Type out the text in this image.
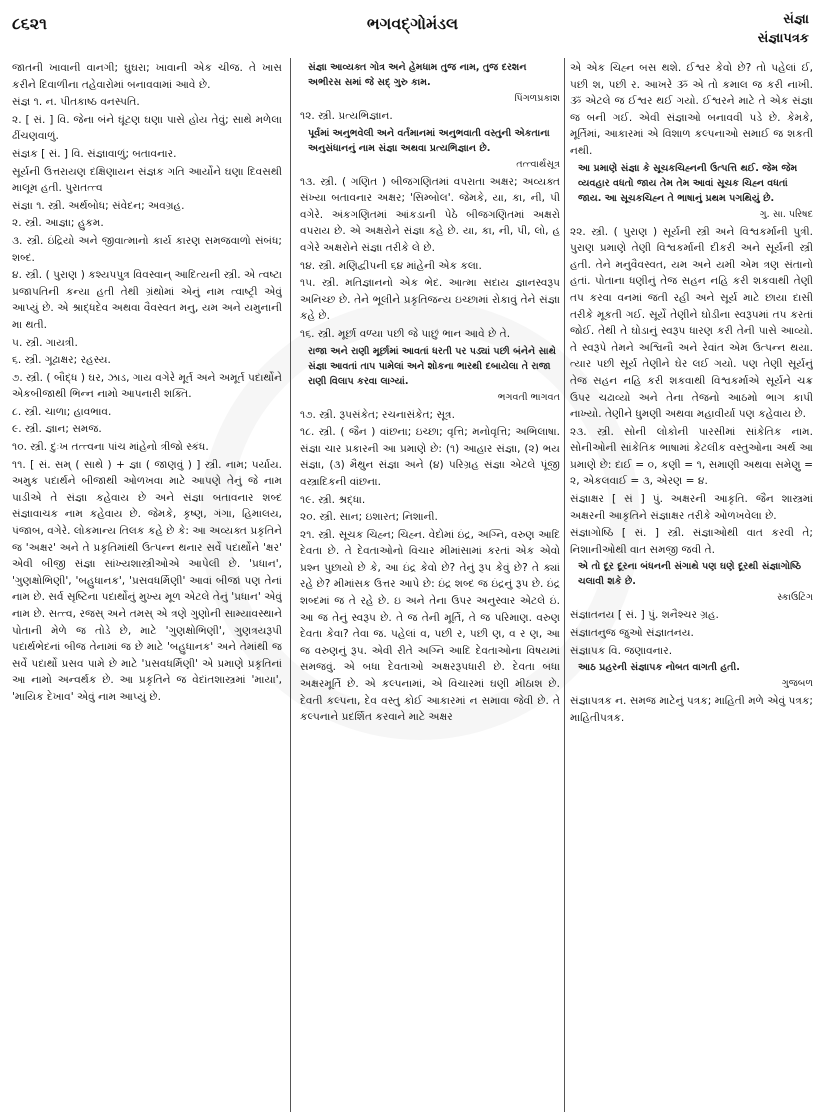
ભગવદ્ગોમંડલ
૮૬૨૧	સંજ્ઞા
સંજ્ઞાપત્રક

જાતની ખાવાની વાનગી; ઘુઘરા; ખાવાની એક ચીજ. તે ખાસ કરીને દિવાળીના તહેવારોમાં બનાવવામાં આવે છે.

સંજ્ઞ ૧. ન. પીતકાષ્ઠ વનસ્પતિ.

૨. [ સં. ] વિ. જેના બંને ઘૂંટણ ઘણા પાસે હોય તેવું; સાથે મળેલા ઢીંચણવાળું.

સંજ્ઞક [ સં. ] વિ. સંજ્ઞાવાળું; બતાવનાર.

સૂર્યની ઉત્તરાયણ દક્ષિણાયન સંજ્ઞક ગતિ આર્યોને ઘણા દિવસથી માલૂમ હતી. પુરાતત્ત્વ

સંજ્ઞા ૧. સ્ત્રી. અર્થબોધ; સંવેદન; અવગ્રહ.

૨. સ્ત્રી. આજ્ઞા; હુકમ.

૩. સ્ત્રી. ઇંદ્રિયો અને જીવાત્માનો કાર્ય કારણ સમજવાળો સંબંધ; શબ્દ.

૪. સ્ત્રી. ( પુરાણ ) કશ્યપપુત્ર વિવસ્વાન્ આદિત્યની સ્ત્રી. એ ત્વષ્ટા પ્રજાપતિની કન્યા હતી તેથી ગ્રંથોમાં એનું નામ ત્વાષ્ટ્રી એવું આપ્યું છે. એ શ્રાદ્ધદેવ અથવા વૈવસ્વત મનુ, યમ અને યમુનાની મા થતી.

૫. સ્ત્રી. ગાયત્રી.

૬. સ્ત્રી. ગૂઢાક્ષર; રહસ્ય.

૭. સ્ત્રી. ( બૌદ્ધ ) ઘર, ઝાડ, ગાય વગેરે મૂર્ત અને અમૂર્ત પદાર્થોને એકબીજાથી ભિન્ન નામો આપનારી શક્તિ.

૮. સ્ત્રી. ચાળા; હાવભાવ.

૯. સ્ત્રી. જ્ઞાન; સમજ.

૧૦. સ્ત્રી. દુઃખ તત્ત્વના પાંચ માંહેનો ત્રીજો સ્કંધ.

૧૧. [ સં. સમ્ ( સાથે ) + જ્ઞા ( જાણવું ) ] સ્ત્રી. નામ; પર્યાય. અમુક પદાર્થને બીજાથી ઓળખવા માટે આપણે તેનું જે નામ પાડીએ તે સંજ્ઞા કહેવાય છે અને સંજ્ઞા બતાવનાર શબ્દ સંજ્ઞાવાચક નામ કહેવાય છે. જેમકે, કૃષ્ણ, ગંગા, હિમાલય, પંજાબ, વગેરે. લોકમાન્ય તિલક કહે છે કે: આ અવ્યક્ત પ્રકૃતિને જ 'અક્ષર' અને તે પ્રકૃતિમાંથી ઉત્પન્ન થનાર સર્વે પદાર્થોને 'ક્ષર' એવી બીજી સંજ્ઞા સાંખ્યશાસ્ત્રીઓએ આપેલી છે. 'પ્રધાન', 'ગુણક્ષોભિણી', 'બહુધાનક', 'પ્રસવધર્મિણી' આવાં બીજાં પણ તેનાં નામ છે. સર્વ સૃષ્ટિના પદાર્થોનું મુખ્ય મૂળ એટલે તેનું 'પ્રધાન' એવું નામ છે. સત્ત્વ, રજસ્ અને તમસ્ એ ત્રણે ગુણોની સામ્યાવસ્થાને પોતાની મેળે જ તોડે છે, માટે 'ગુણક્ષોભિણી', ગુણત્રયરૂપી પદાર્થભેદનાં બીજ તેનામાં જ છે માટે 'બહુધાનક' અને તેમાંથી જ સર્વે પદાર્થો પ્રસવ પામે છે માટે 'પ્રસવધર્મિણી' એ પ્રમાણે પ્રકૃતિનાં આ નામો અન્વર્થક છે. આ પ્રકૃતિને જ વેદાંતશાસ્ત્રમાં 'માયા', 'માયિક દેખાવ' એવું નામ આપ્યું છે.

સંજ્ઞા આવ્યક્ત ગોત્ર અને હેમધામ તુજ નામ, તુજ દરશન અભીરસ સમાં જે સદ્ ગુરુ કામ.

પિંગળપ્રકાશ

૧૨. સ્ત્રી. પ્રત્યભિજ્ઞાન.

પૂર્વમાં અનુભવેલી અને વર્તમાનમાં અનુભવાતી વસ્તુની એકતાના અનુસંધાનનું નામ સંજ્ઞા અથવા પ્રત્યભિજ્ઞાન છે.

તત્ત્વાર્થસૂત્ર

૧૩. સ્ત્રી. ( ગણિત ) બીજગણિતમાં વપરાતા અક્ષર; અવ્યક્ત સંખ્યા બતાવનાર અક્ષર; 'સિમ્બોલ'. જેમકે, યા, કા, ની, પી વગેરે. અંકગણિતમાં આંકડાની પેઠે બીજગણિતમાં અક્ષરો વપરાય છે. એ અક્ષરોને સંજ્ઞા કહે છે. યા, કા, ની, પી, લો, હ વગેરે અક્ષરોને સંજ્ઞા તરીકે લે છે.

૧૪. સ્ત્રી. મણિદ્વીપની ૬૪ માંહેની એક કલા.

૧૫. સ્ત્રી. મતિજ્ઞાનનો એક ભેદ. આત્મા સદાય જ્ઞાનસ્વરૂપ અનિચ્છ છે. તેને ભૂલીને પ્રકૃતિજન્ય ઇચ્છામાં રોકાવું તેને સંજ્ઞા કહે છે.

૧૬. સ્ત્રી. મૂર્છા વળ્યા પછી જે પાછું ભાન આવે છે તે.

રાજા અને રાણી મૂર્છામાં આવતાં ધરતી પર પડ્યાં પછી બંનેને સાથે સંજ્ઞા આવતાં તાપ પામેલાં અને શોકના ભારથી દબાયેલા તે રાજા રાણી વિલાપ કરવા લાગ્યાં.

ભગવતી ભાગવત

૧૭. સ્ત્રી. રૂપસંકેત; રચનાસંકેત; સૂત્ર.

૧૮. સ્ત્રી. ( જૈન ) વાંછના; ઇચ્છા; વૃત્તિ; મનોવૃત્તિ; અભિલાષા. સંજ્ઞા ચાર પ્રકારની આ પ્રમાણે છે: (૧) આહાર સંજ્ઞા, (૨) ભય સંજ્ઞા, (૩) મૈથુન સંજ્ઞા અને (૪) પરિગ્રહ સંજ્ઞા એટલે પૂંજી વસ્ત્રાદિકની વાંછના.

૧૯. સ્ત્રી. શ્રદ્ધા.

૨૦. સ્ત્રી. સાન; ઇશારત; નિશાની.

૨૧. સ્ત્રી. સૂચક ચિહ્ન; ચિહ્ન. વેદોમાં ઇંદ્ર, અગ્નિ, વરુણ આદિ દેવતા છે. તે દેવતાઓનો વિચાર મીમાંસામાં કરતાં એક એવો પ્રશ્ન પુછાયો છે કે, આ ઇંદ્ર કેવો છે? તેનું રૂપ કેવું છે? તે ક્યાં રહે છે? મીમાંસક ઉત્તર આપે છે: ઇંદ્ર શબ્દ જ ઇંદ્રનું રૂપ છે. ઇંદ્ર શબ્દમાં જ તે રહે છે. ઇ અને તેના ઉપર અનુસ્વાર એટલે ઇં. આ જ તેનું સ્વરૂપ છે. તે જ તેની મૂર્તિ, તે જ પરિમાણ. વરુણ દેવતા કેવા? તેવા જ. પહેલાં વ, પછી ર, પછી ણ, વ ર ણ, આ જ વરુણનું રૂપ. એવી રીતે અગ્નિ આદિ દેવતાઓના વિષયમાં સમજવું. એ બધા દેવતાઓ અક્ષરરૂપધારી છે. દેવતા બધા અક્ષરમૂર્તિ છે. એ કલ્પનામાં, એ વિચારમાં ઘણી મીઠાશ છે. દેવતી કલ્પના, દેવ વસ્તુ કોઈ આકારમાં ન સમાવા જેવી છે. તે કલ્પનાને પ્રદર્શિત કરવાને માટે અક્ષર

એ એક ચિહ્ન બસ થશે. ઈશ્વર કેવો છે? તો પહેલાં ઈ, પછી શ, પછી ર. આખરે ૐ એ તો કમાલ જ કરી નાખી. ૐ એટલે જ ઈશ્વર થઈ ગયો. ઈશ્વરને માટે તે એક સંજ્ઞા જ બની ગઈ. એવી સંજ્ઞાઓ બનાવવી પડે છે. કેમકે, મૂર્તિમાં, આકારમાં એ વિશાળ કલ્પનાઓ સમાઈ જ શકતી નથી.

આ પ્રમાણે સંજ્ઞા કે સૂચકચિહ્નની ઉત્પત્તિ થઈ. જેમ જેમ વ્યવહાર વધતો જાય તેમ તેમ આવાં સૂચક ચિહ્ન વધતાં જાય. આ સૂચકચિહ્ન તે ભાષાનું પ્રથમ પગથિયું છે.

ગુ. સા. પરિષદ

૨૨. સ્ત્રી. ( પુરાણ ) સૂર્યની સ્ત્રી અને વિશ્વકર્માની પુત્રી. પુરાણ પ્રમાણે તેણી વિશ્વકર્માની દીકરી અને સૂર્યની સ્ત્રી હતી. તેને મનુવૈવસ્વત, યમ અને યમી એમ ત્રણ સંતાનો હતાં. પોતાના ધણીનું તેજ સહન નહિ કરી શકવાથી તેણી તપ કરવા વનમાં જતી રહી અને સૂર્ય માટે છાયા દાસી તરીકે મૂકતી ગઈ. સૂર્યે તેણીને ઘોડીના સ્વરૂપમાં તપ કરતાં જોઈ. તેથી તે ઘોડાનું સ્વરૂપ ધારણ કરી તેની પાસે આવ્યો. તે સ્વરૂપે તેમને અશ્વિનૌ અને રેવાંત એમ ઉત્પન્ન થયા. ત્યાર પછી સૂર્ય તેણીને ઘેર લઈ ગયો. પણ તેણી સૂર્યનું તેજ સહન નહિ કરી શકવાથી વિશ્વકર્માએ સૂર્યને ચક્ર ઉપર ચઢાવ્યો અને તેના તેજનો આઠમો ભાગ કાપી નાખ્યો. તેણીને ધુમણી અથવા મહાવીર્યા પણ કહેવાય છે.

૨૩. સ્ત્રી. સોની લોકોની પારસીમાં સાંકેતિક નામ. સોનીઓની સાંકેતિક ભાષામાં કેટલીક વસ્તુઓના અર્થ આ પ્રમાણે છે: દાઈ = ૦, કણી = ૧, સમાણી અથવા સમેણુ = ૨, એકલવાઈ = ૩, એરણ = ૪.

સંજ્ઞાક્ષર [ સં ] પું. અક્ષરની આકૃતિ. જૈન શાસ્ત્રમાં અક્ષરની આકૃતિને સંજ્ઞાક્ષર તરીકે ઓળખવેલા છે.

સંજ્ઞાગોષ્ઠિ [ સં. ] સ્ત્રી. સંજ્ઞાઓથી વાત કરવી તે; નિશાનીઓથી વાત સમજી જવી તે.

એ તો દૂર દૂરના બંધનની સંગાથે પણ ઘણે દૂરથી સંજ્ઞાગોષ્ઠિ ચલાવી શકે છે.

સ્કાઉટિંગ

સંજ્ઞાતનય [ સં. ] પું. શનૈશ્ચર ગ્રહ.

સંજ્ઞાતનુજ જુઓ સંજ્ઞાતનય.

સંજ્ઞાપક વિ. જણાવનાર.

આઠ પ્રહરની સંજ્ઞાપક નોબત વાગતી હતી.

ગુજબળ

સંજ્ઞાપત્રક ન. સમજ માટેનું પત્રક; માહિતી મળે એવું પત્રક; માહિતીપત્રક.
